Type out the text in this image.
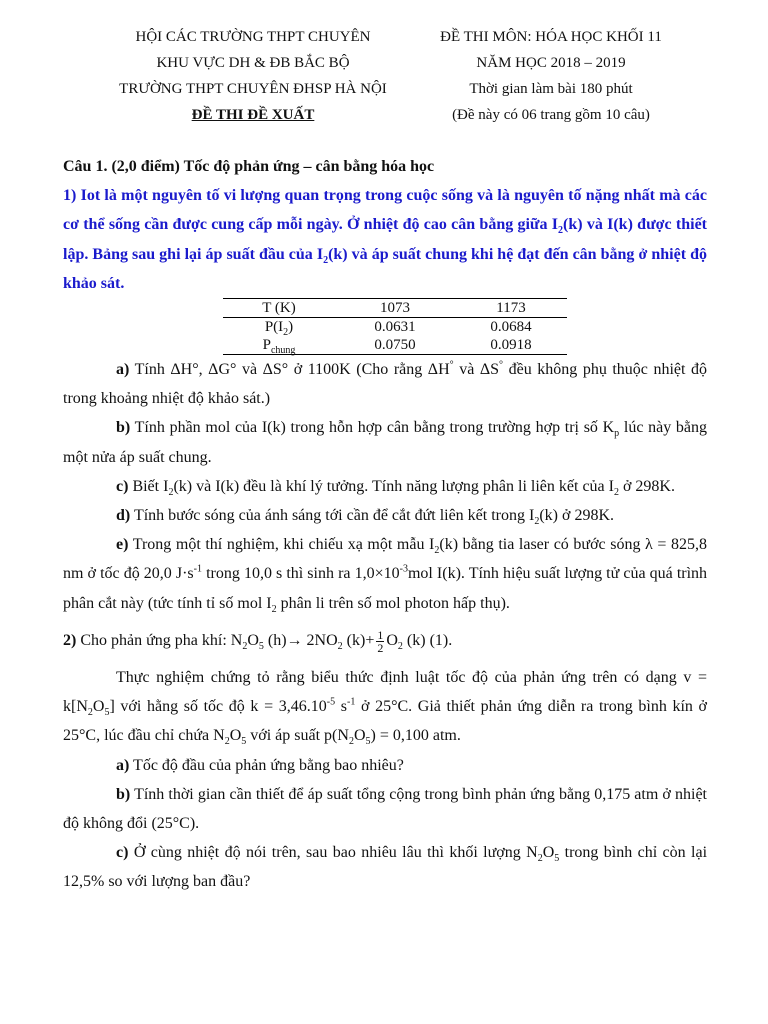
HỘI CÁC TRƯỜNG THPT CHUYÊN
KHU VỰC DH & ĐB BẮC BỘ
TRƯỜNG THPT CHUYÊN ĐHSP HÀ NỘI
ĐỀ THI ĐỀ XUẤT
ĐỀ THI MÔN: HÓA HỌC KHỐI 11
NĂM HỌC 2018 – 2019
Thời gian làm bài 180 phút
(Đề này có 06 trang gồm 10 câu)

Câu 1. (2,0 điểm) Tốc độ phản ứng – cân bằng hóa học

1) Iot là một nguyên tố vi lượng quan trọng trong cuộc sống và là nguyên tố nặng nhất mà các cơ thể sống cần được cung cấp mỗi ngày. Ở nhiệt độ cao cân bằng giữa $I_2(k)$ và I(k) được thiết lập. Bảng sau ghi lại áp suất đầu của $I_2(k)$ và áp suất chung khi hệ đạt đến cân bằng ở nhiệt độ khảo sát.

T (K)	1073	1173
$P(I_2)$	0.0631	0.0684
$P_{chung}$	0.0750	0.0918

a) Tính ΔH°, ΔG° và ΔS° ở 1100K (Cho rằng ΔH° và ΔS° đều không phụ thuộc nhiệt độ trong khoảng nhiệt độ khảo sát.)

b) Tính phần mol của I(k) trong hỗn hợp cân bằng trong trường hợp trị số $K_p$ lúc này bằng một nửa áp suất chung.

c) Biết $I_2(k)$ và I(k) đều là khí lý tưởng. Tính năng lượng phân li liên kết của $I_2$ ở 298K.

d) Tính bước sóng của ánh sáng tới cần để cắt đứt liên kết trong $I_2(k)$ ở 298K.

e) Trong một thí nghiệm, khi chiếu xạ một mẫu $I_2(k)$ bằng tia laser có bước sóng λ = 825,8 nm ở tốc độ 20,0 $J\cdot s^{-1}$ trong 10,0 s thì sinh ra $1,0\times 10^{-3}mol$ I(k). Tính hiệu suất lượng tử của quá trình phân cắt này (tức tính tỉ số mol $I_2$ phân li trên số mol photon hấp thụ).

2) Cho phản ứng pha khí: $N_2O_5$ $(h)\to 2NO_2$ $(k)+ \frac{1}{2} O_2$ (k) (1).

Thực nghiệm chứng tỏ rằng biểu thức định luật tốc độ của phản ứng trên có dạng $v = k[N_2O_5]$ với hằng số tốc độ $k = 3,46.10^{-5}$ $s^{-1}$ ở 25°C. Giả thiết phản ứng diễn ra trong bình kín ở 25°C, lúc đầu chỉ chứa $N_2O_5$ với áp suất $p(N_2O_5) = 0,100$ atm.

a) Tốc độ đầu của phản ứng bằng bao nhiêu?

b) Tính thời gian cần thiết để áp suất tổng cộng trong bình phản ứng bằng 0,175 atm ở nhiệt độ không đổi (25°C).

c) Ở cùng nhiệt độ nói trên, sau bao nhiêu lâu thì khối lượng $N_2O_5$ trong bình chỉ còn lại 12,5% so với lượng ban đầu?
